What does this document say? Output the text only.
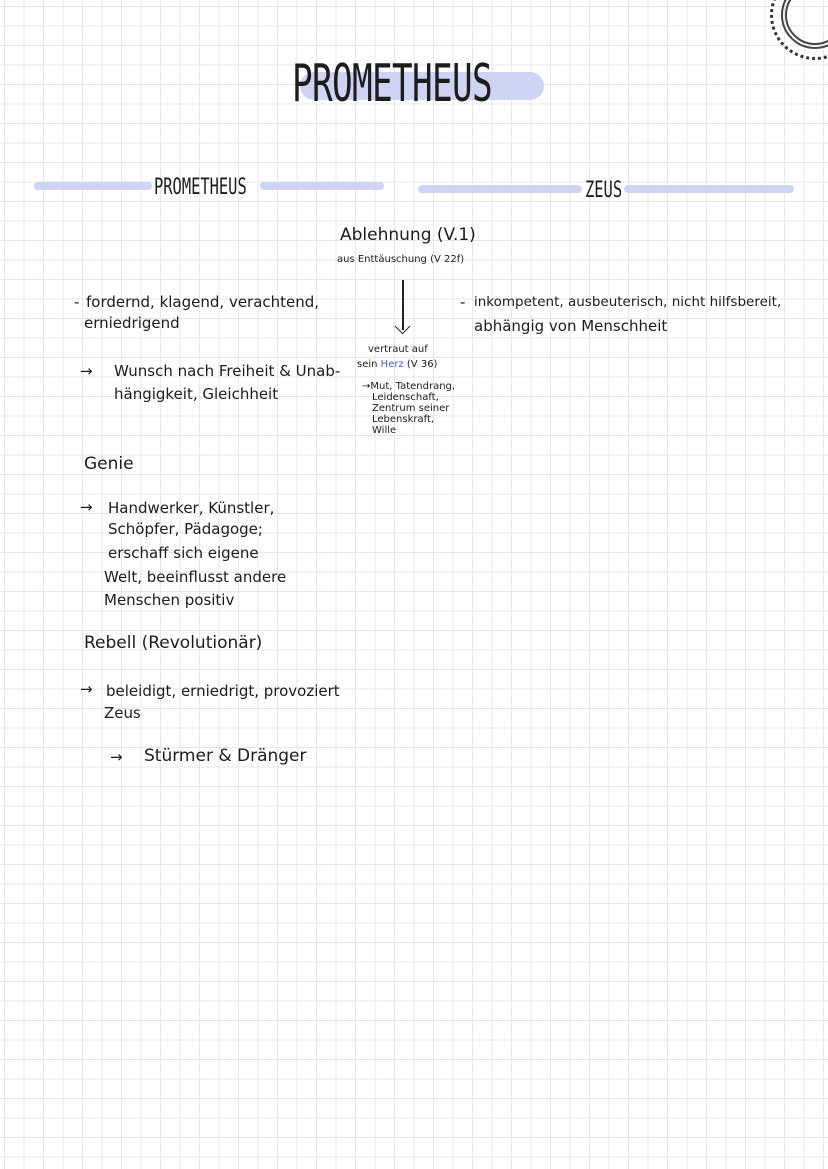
PROMETHEUS
PROMETHEUS	ZEUS
Ablehnung (V.1)
aus Enttäuschung (V 22f)
vertraut auf
sein Herz (V 36)
→Mut, Tatendrang,
Leidenschaft,
Zentrum seiner
Lebenskraft,
Wille
- fordernd, klagend, verachtend,
erniedrigend
→ Wunsch nach Freiheit & Unab-
hängigkeit, Gleichheit
Genie
→ Handwerker, Künstler,
Schöpfer, Pädagoge;
erschaff sich eigene
Welt, beeinflusst andere
Menschen positiv
Rebell (Revolutionär)
→ beleidigt, erniedrigt, provoziert
Zeus
→ Stürmer & Dränger
- inkompetent, ausbeuterisch, nicht hilfsbereit,
abhängig von Menschheit
